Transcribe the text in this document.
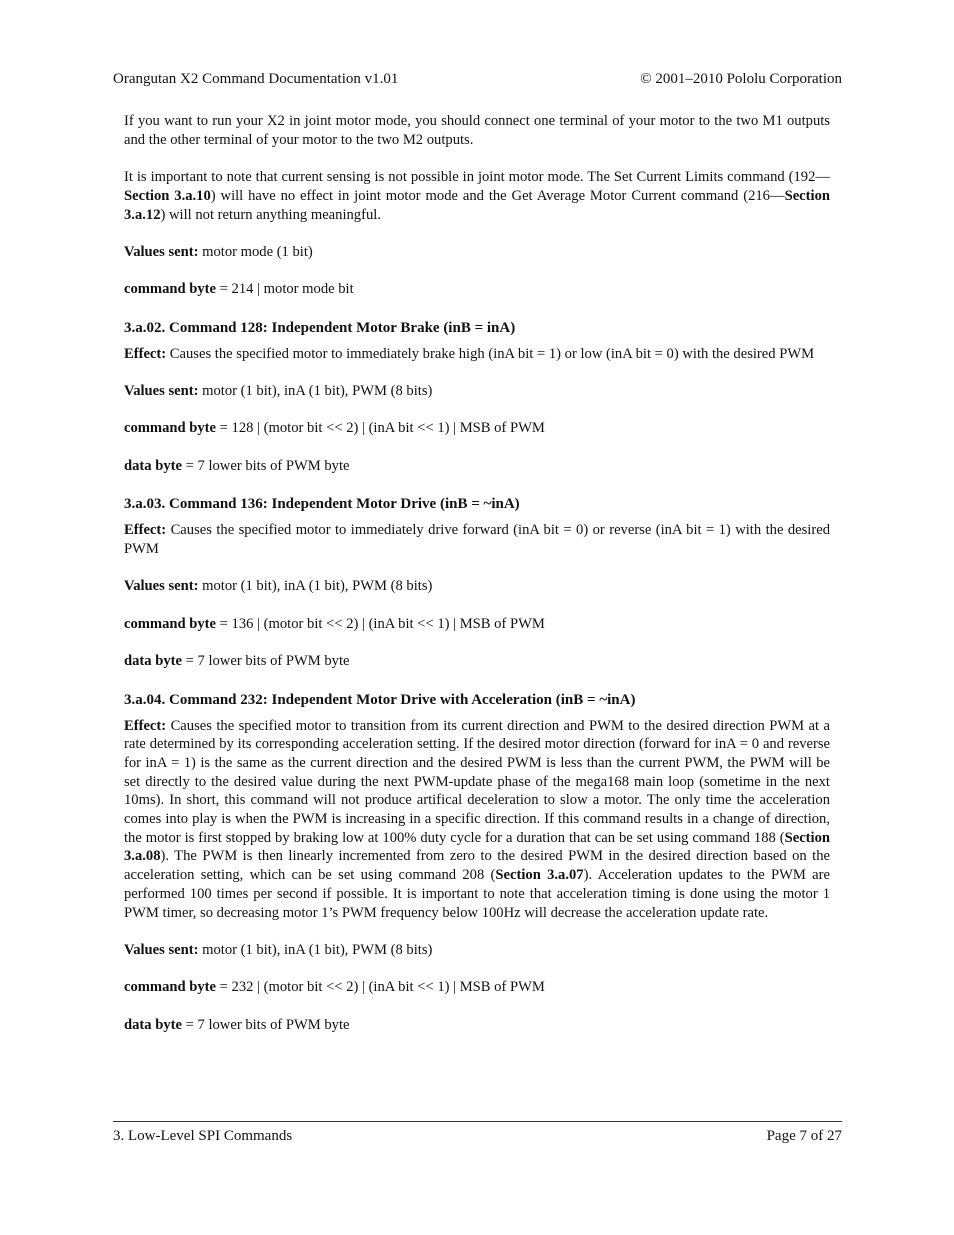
Orangutan X2 Command Documentation v1.01	© 2001–2010 Pololu Corporation

If you want to run your X2 in joint motor mode, you should connect one terminal of your motor to the two M1 outputs and the other terminal of your motor to the two M2 outputs.

It is important to note that current sensing is not possible in joint motor mode. The Set Current Limits command (192—Section 3.a.10) will have no effect in joint motor mode and the Get Average Motor Current command (216—Section 3.a.12) will not return anything meaningful.

Values sent: motor mode (1 bit)

command byte = 214 | motor mode bit

3.a.02. Command 128: Independent Motor Brake (inB = inA)

Effect: Causes the specified motor to immediately brake high (inA bit = 1) or low (inA bit = 0) with the desired PWM

Values sent: motor (1 bit), inA (1 bit), PWM (8 bits)

command byte = 128 | (motor bit << 2) | (inA bit << 1) | MSB of PWM

data byte = 7 lower bits of PWM byte

3.a.03. Command 136: Independent Motor Drive (inB = ~inA)

Effect: Causes the specified motor to immediately drive forward (inA bit = 0) or reverse (inA bit = 1) with the desired PWM

Values sent: motor (1 bit), inA (1 bit), PWM (8 bits)

command byte = 136 | (motor bit << 2) | (inA bit << 1) | MSB of PWM

data byte = 7 lower bits of PWM byte

3.a.04. Command 232: Independent Motor Drive with Acceleration (inB = ~inA)

Effect: Causes the specified motor to transition from its current direction and PWM to the desired direction PWM at a rate determined by its corresponding acceleration setting. If the desired motor direction (forward for inA = 0 and reverse for inA = 1) is the same as the current direction and the desired PWM is less than the current PWM, the PWM will be set directly to the desired value during the next PWM-update phase of the mega168 main loop (sometime in the next 10ms). In short, this command will not produce artifical deceleration to slow a motor. The only time the acceleration comes into play is when the PWM is increasing in a specific direction. If this command results in a change of direction, the motor is first stopped by braking low at 100% duty cycle for a duration that can be set using command 188 (Section 3.a.08). The PWM is then linearly incremented from zero to the desired PWM in the desired direction based on the acceleration setting, which can be set using command 208 (Section 3.a.07). Acceleration updates to the PWM are performed 100 times per second if possible. It is important to note that acceleration timing is done using the motor 1 PWM timer, so decreasing motor 1’s PWM frequency below 100Hz will decrease the acceleration update rate.

Values sent: motor (1 bit), inA (1 bit), PWM (8 bits)

command byte = 232 | (motor bit << 2) | (inA bit << 1) | MSB of PWM

data byte = 7 lower bits of PWM byte

3. Low-Level SPI Commands	Page 7 of 27
